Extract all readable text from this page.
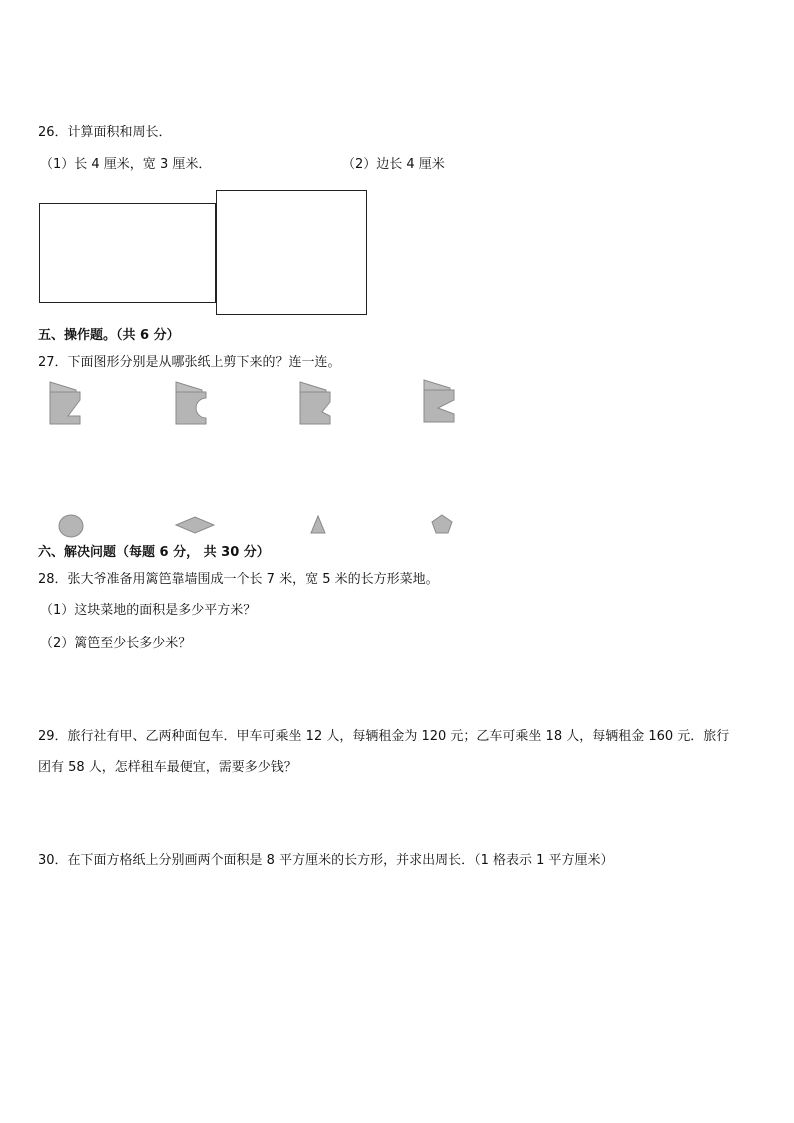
26．计算面积和周长．
（1）长 4 厘米，宽 3 厘米．	（2）边长 4 厘米
五、操作题。（共 6 分）
27．下面图形分别是从哪张纸上剪下来的？连一连。
六、解决问题（每题 6 分， 共 30 分）
28．张大爷准备用篱笆靠墙围成一个长 7 米，宽 5 米的长方形菜地。
（1）这块菜地的面积是多少平方米？
（2）篱笆至少长多少米？
29．旅行社有甲、乙两种面包车．甲车可乘坐 12 人，每辆租金为 120 元；乙车可乘坐 18 人，每辆租金 160 元．旅行
团有 58 人，怎样租车最便宜，需要多少钱？
30．在下面方格纸上分别画两个面积是 8 平方厘米的长方形，并求出周长．（1 格表示 1 平方厘米）
